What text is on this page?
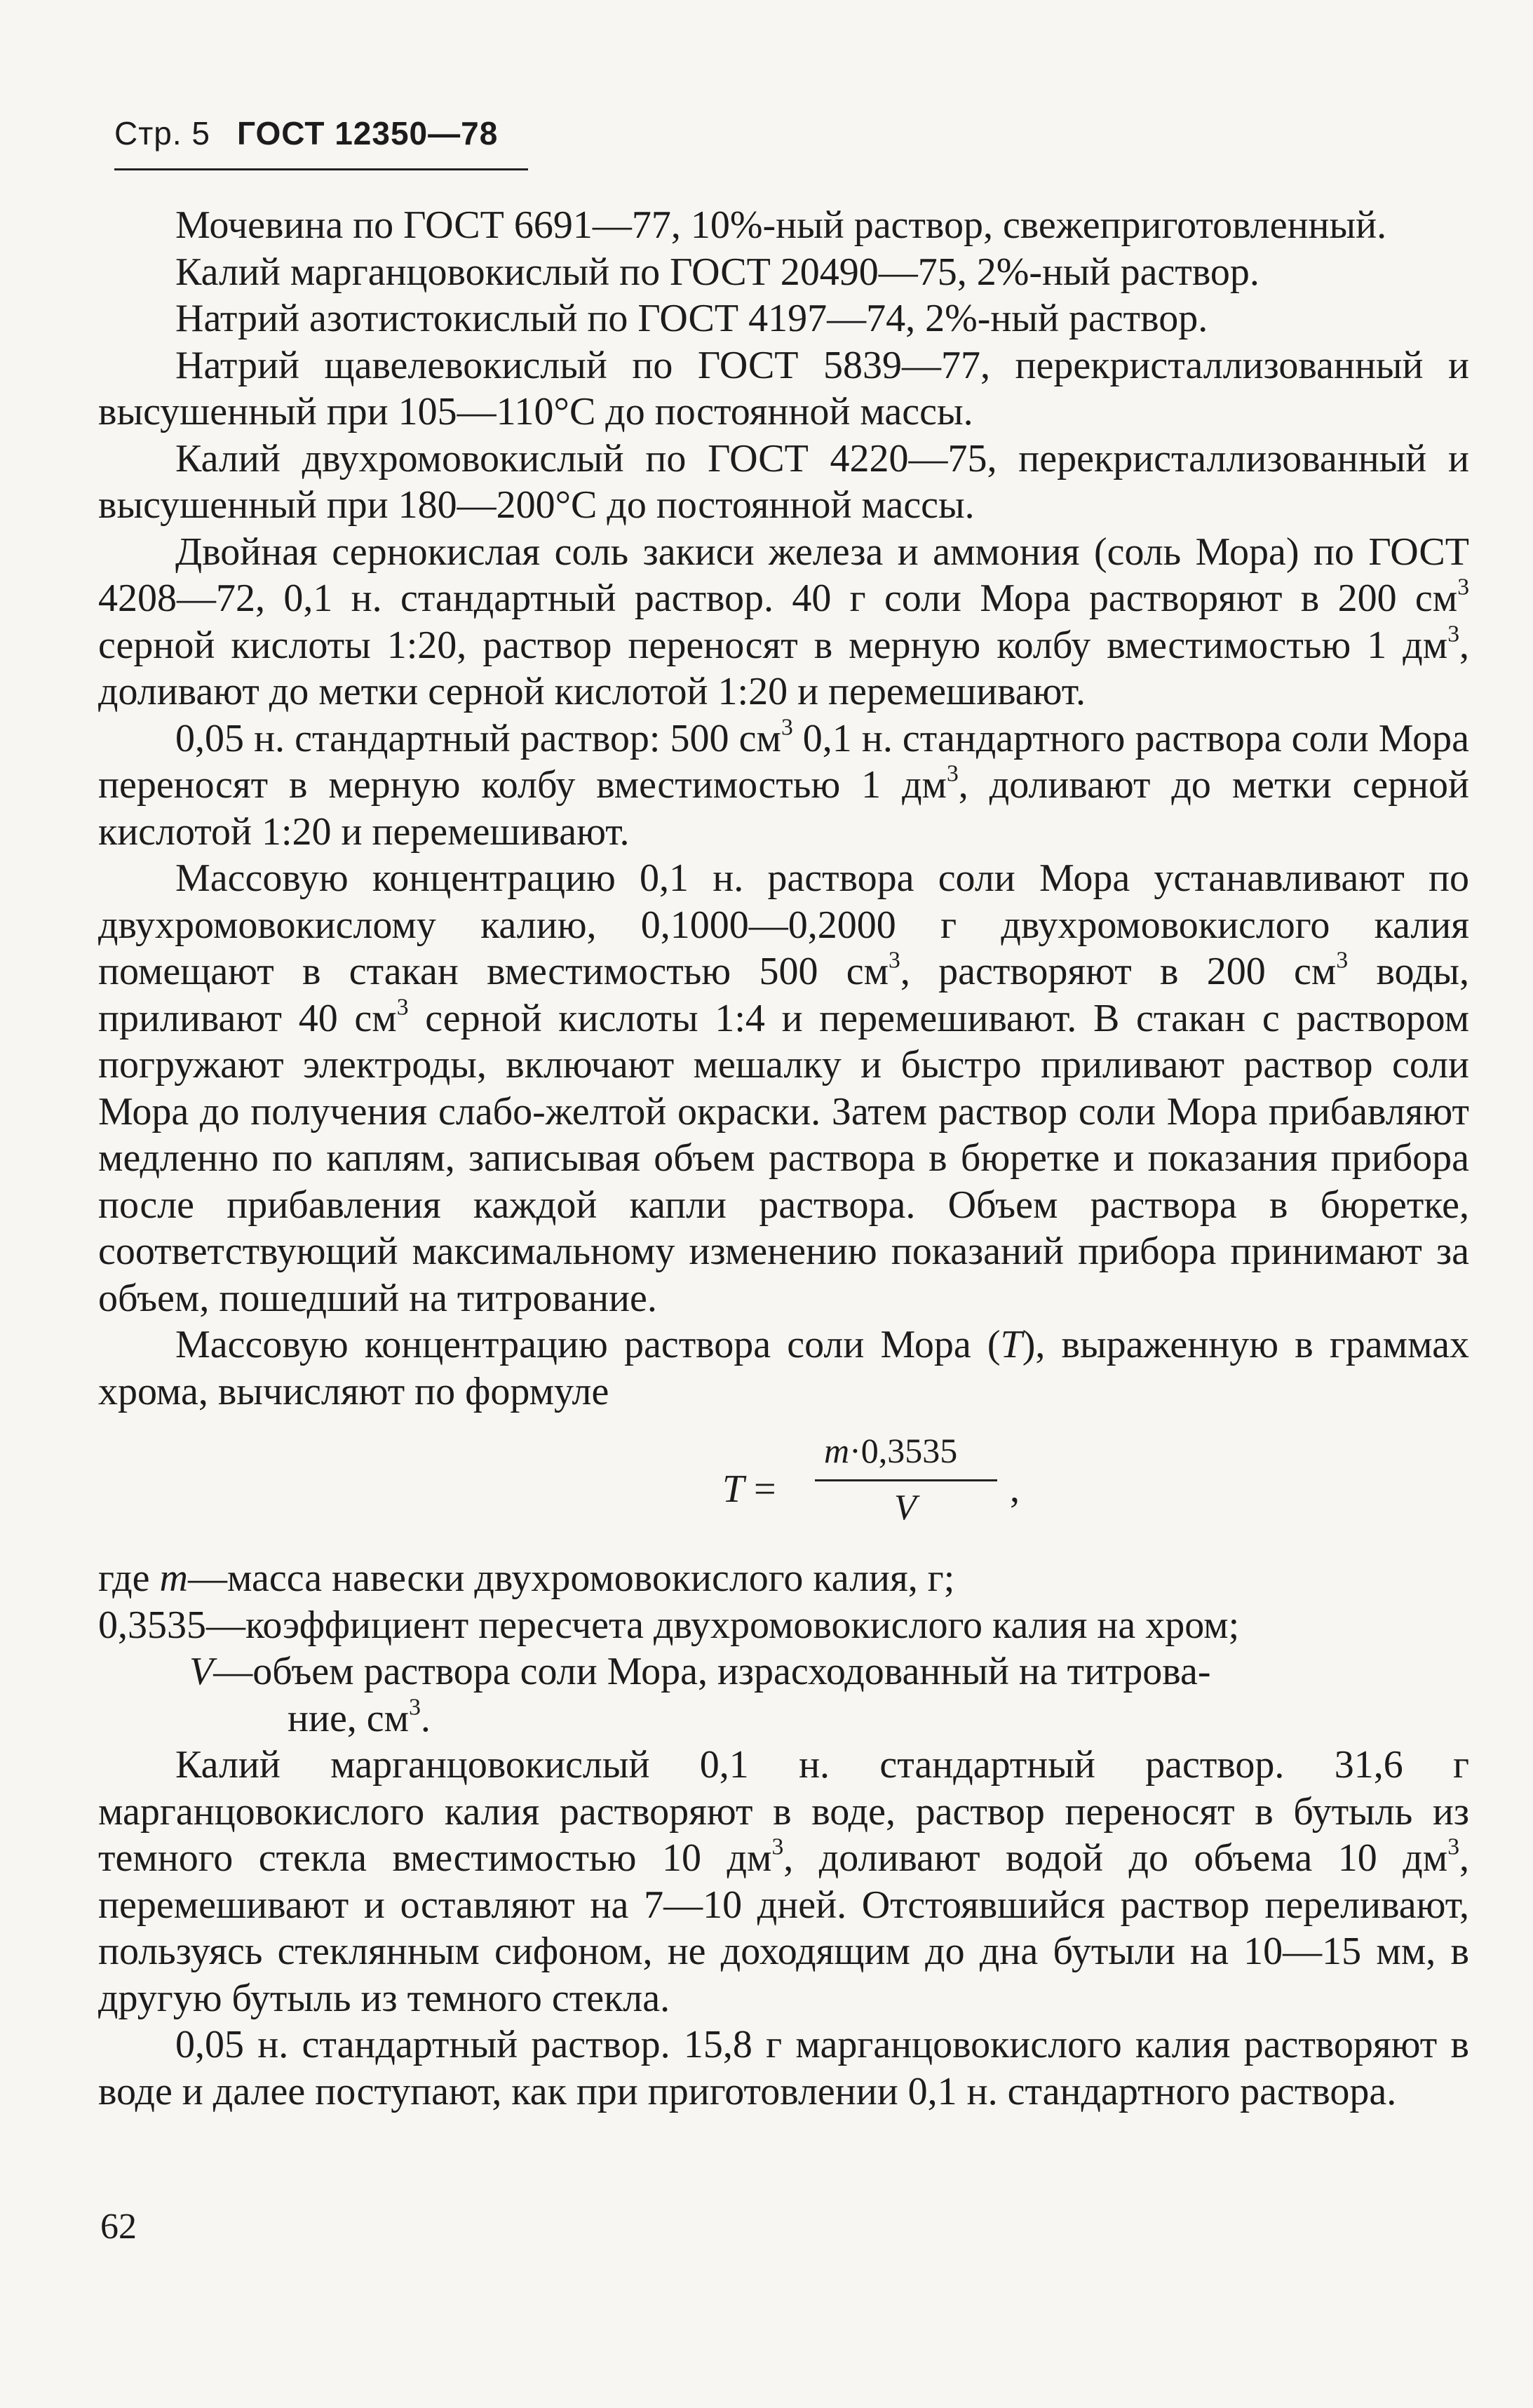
Стр. 5 ГОСТ 12350—78

Мочевина по ГОСТ 6691—77, 10%-ный раствор, свежеприготовленный.

Калий марганцовокислый по ГОСТ 20490—75, 2%-ный раствор.

Натрий азотистокислый по ГОСТ 4197—74, 2%-ный раствор.

Натрий щавелевокислый по ГОСТ 5839—77, перекристаллизованный и высушенный при 105—110°С до постоянной массы.

Калий двухромовокислый по ГОСТ 4220—75, перекристаллизованный и высушенный при 180—200°С до постоянной массы.

Двойная сернокислая соль закиси железа и аммония (соль Мора) по ГОСТ 4208—72, 0,1 н. стандартный раствор. 40 г соли Мора растворяют в 200 $см^3$ серной кислоты 1:20, раствор переносят в мерную колбу вместимостью 1 $дм^3$, доливают до метки серной кислотой 1:20 и перемешивают.

0,05 н. стандартный раствор: 500 $см^3$ 0,1 н. стандартного раствора соли Мора переносят в мерную колбу вместимостью 1 $дм^3$, доливают до метки серной кислотой 1:20 и перемешивают.

Массовую концентрацию 0,1 н. раствора соли Мора устанавливают по двухромовокислому калию, 0,1000—0,2000 г двухромовокислого калия помещают в стакан вместимостью 500 $см^3$, растворяют в 200 $см^3$ воды, приливают 40 $см^3$ серной кислоты 1:4 и перемешивают. В стакан с раствором погружают электроды, включают мешалку и быстро приливают раствор соли Мора до получения слабо-желтой окраски. Затем раствор соли Мора прибавляют медленно по каплям, записывая объем раствора в бюретке и показания прибора после прибавления каждой капли раствора. Объем раствора в бюретке, соответствующий максимальному изменению показаний прибора принимают за объем, пошедший на титрование.

Массовую концентрацию раствора соли Мора (T), выраженную в граммах хрома, вычисляют по формуле

T =
m·0,3535
V ,

где m—масса навески двухромовокислого калия, г;

0,3535—коэффициент пересчета двухромовокислого калия на хром;

V—объем раствора соли Мора, израсходованный на титрова-

ние, $см^3$.

Калий марганцовокислый 0,1 н. стандартный раствор. 31,6 г марганцовокислого калия растворяют в воде, раствор переносят в бутыль из темного стекла вместимостью 10 $дм^3$, доливают водой до объема 10 $дм^3$, перемешивают и оставляют на 7—10 дней. Отстоявшийся раствор переливают, пользуясь стеклянным сифоном, не доходящим до дна бутыли на 10—15 мм, в другую бутыль из темного стекла.

0,05 н. стандартный раствор. 15,8 г марганцовокислого калия растворяют в воде и далее поступают, как при приготовлении 0,1 н. стандартного раствора.

62
